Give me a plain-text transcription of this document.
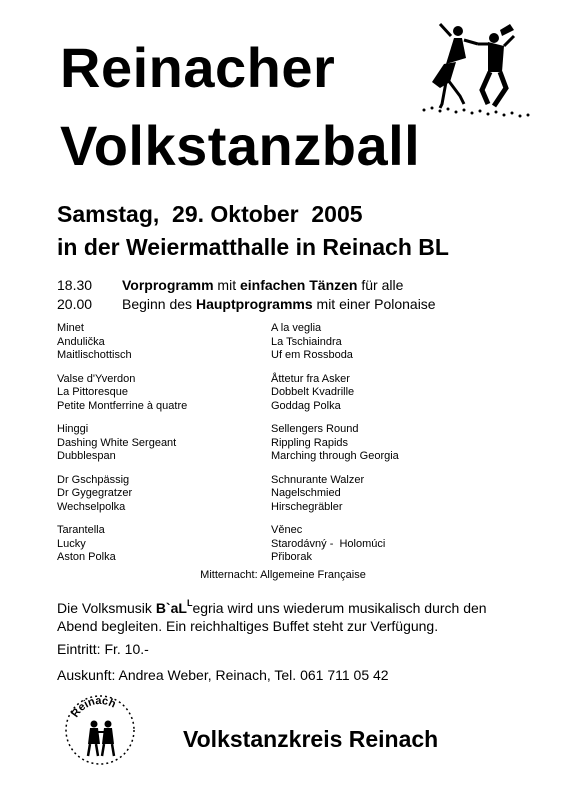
Reinacher
Volkstanzball
Samstag,  29. Oktober  2005
in der Weiermatthalle in Reinach BL
18.30 Vorprogramm mit einfachen Tänzen für alle
20.00 Beginn des Hauptprogramms mit einer Polonaise
Minet
Andulička
Maitlischottisch
Valse d'Yverdon
La Pittoresque
Petite Montferrine à quatre
Hinggi
Dashing White Sergeant
Dubblespan
Dr Gschpässig
Dr Gygegratzer
Wechselpolka
Tarantella
Lucky
Aston Polka
A la veglia
La Tschiaindra
Uf em Rossboda
Åttetur fra Asker
Dobbelt Kvadrille
Goddag Polka
Sellengers Round
Rippling Rapids
Marching through Georgia
Schnurante Walzer
Nagelschmied
Hirschegräbler
Věnec
Starodávný -  Holomúci
Přiborak
Mitternacht: Allgemeine Française
Die Volksmusik $B`aL^Legria$ wird uns wiederum musikalisch durch den Abend begleiten. Ein reichhaltiges Buffet steht zur Verfügung.
Eintritt: Fr. 10.-
Auskunft: Andrea Weber, Reinach, Tel. 061 711 05 42
Reinach
Volkstanzkreis Reinach
